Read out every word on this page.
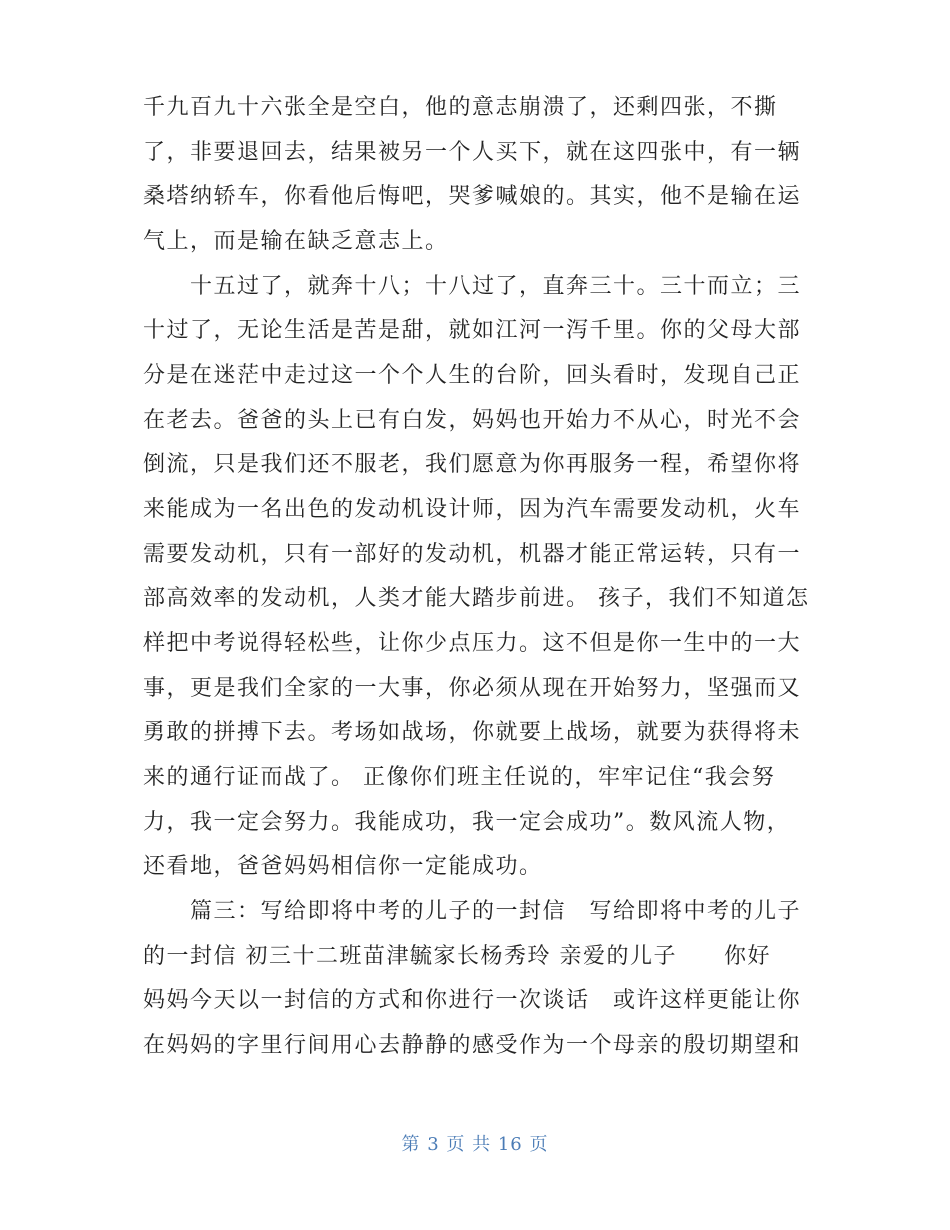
千九百九十六张全是空白，他的意志崩溃了，还剩四张，不撕
了，非要退回去，结果被另一个人买下，就在这四张中，有一辆
桑塔纳轿车，你看他后悔吧，哭爹喊娘的。其实，他不是输在运
气上，而是输在缺乏意志上。
　　十五过了，就奔十八；十八过了，直奔三十。三十而立；三
十过了，无论生活是苦是甜，就如江河一泻千里。你的父母大部
分是在迷茫中走过这一个个人生的台阶，回头看时，发现自己正
在老去。爸爸的头上已有白发，妈妈也开始力不从心，时光不会
倒流，只是我们还不服老，我们愿意为你再服务一程，希望你将
来能成为一名出色的发动机设计师，因为汽车需要发动机，火车
需要发动机，只有一部好的发动机，机器才能正常运转，只有一
部高效率的发动机，人类才能大踏步前进。 孩子，我们不知道怎
样把中考说得轻松些，让你少点压力。这不但是你一生中的一大
事，更是我们全家的一大事，你必须从现在开始努力，坚强而又
勇敢的拼搏下去。考场如战场，你就要上战场，就要为获得将未
来的通行证而战了。 正像你们班主任说的，牢牢记住“我会努
力，我一定会努力。我能成功，我一定会成功”。数风流人物，
还看地，爸爸妈妈相信你一定能成功。
　　篇三：写给即将中考的儿子的一封信　写给即将中考的儿子
的一封信 初三十二班苗津毓家长杨秀玲 亲爱的儿子　　你好
妈妈今天以一封信的方式和你进行一次谈话　或许这样更能让你
在妈妈的字里行间用心去静静的感受作为一个母亲的殷切期望和
第 3 页 共 16 页
